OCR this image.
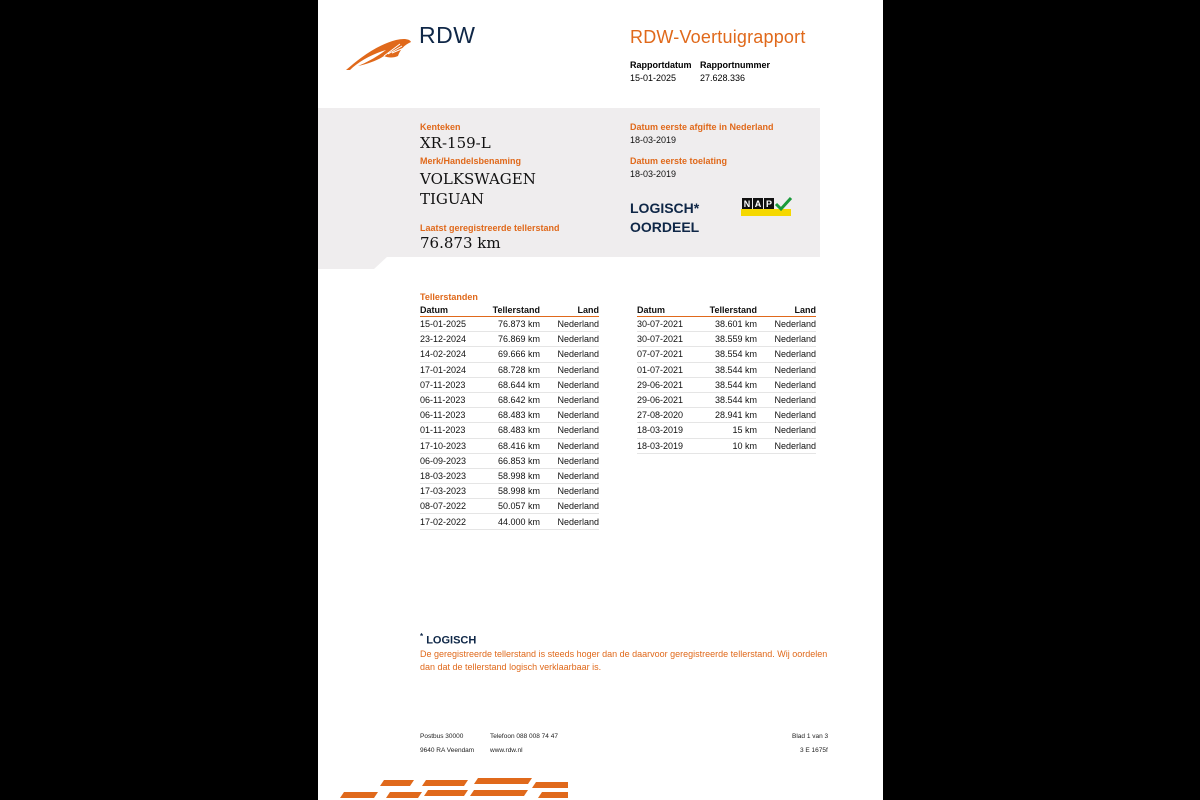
RDW	RDW-Voertuigrapport
Rapportdatum
15-01-2025
Rapportnummer
27.628.336
Kenteken
XR-159-L
Merk/Handelsbenaming
VOLKSWAGEN
TIGUAN
Laatst geregistreerde tellerstand
76.873 km
Datum eerste afgifte in Nederland
18-03-2019
Datum eerste toelating
18-03-2019
LOGISCH*
OORDEEL
N A P
Tellerstanden
Datum	Tellerstand	Land
15-01-2025	76.873 km	Nederland
23-12-2024	76.869 km	Nederland
14-02-2024	69.666 km	Nederland
17-01-2024	68.728 km	Nederland
07-11-2023	68.644 km	Nederland
06-11-2023	68.642 km	Nederland
06-11-2023	68.483 km	Nederland
01-11-2023	68.483 km	Nederland
17-10-2023	68.416 km	Nederland
06-09-2023	66.853 km	Nederland
18-03-2023	58.998 km	Nederland
17-03-2023	58.998 km	Nederland
08-07-2022	50.057 km	Nederland
17-02-2022	44.000 km	Nederland
Datum	Tellerstand	Land
30-07-2021	38.601 km	Nederland
30-07-2021	38.559 km	Nederland
07-07-2021	38.554 km	Nederland
01-07-2021	38.544 km	Nederland
29-06-2021	38.544 km	Nederland
29-06-2021	38.544 km	Nederland
27-08-2020	28.941 km	Nederland
18-03-2019	15 km	Nederland
18-03-2019	10 km	Nederland
* LOGISCH
De geregistreerde tellerstand is steeds hoger dan de daarvoor geregistreerde tellerstand. Wij oordelen dan dat de tellerstand logisch verklaarbaar is.
Postbus 30000
9640 RA Veendam
Telefoon 088 008 74 47
www.rdw.nl
Blad 1 van 3
3 E 1675f
